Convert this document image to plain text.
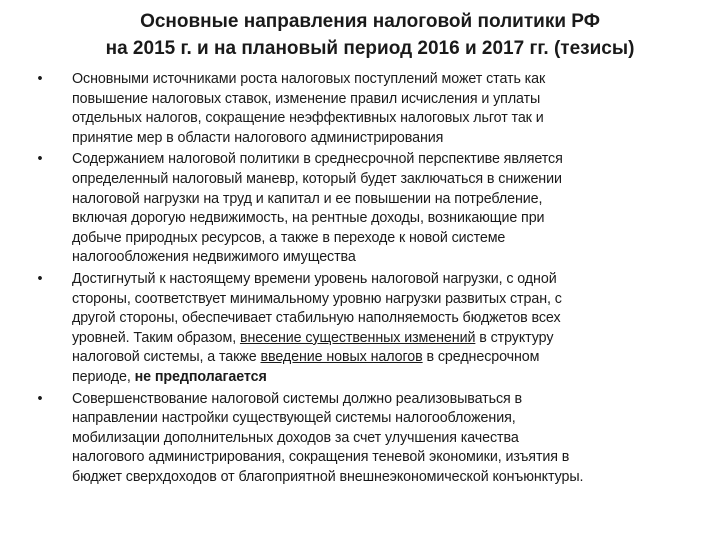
Основные направления налоговой политики РФ
на 2015 г. и на плановый период 2016 и 2017 гг. (тезисы)
• Основными источниками роста налоговых поступлений может стать как
повышение налоговых ставок, изменение правил исчисления и уплаты
отдельных налогов, сокращение неэффективных налоговых льгот так и
принятие мер в области налогового администрирования
• Содержанием налоговой политики в среднесрочной перспективе является
определенный налоговый маневр, который будет заключаться в снижении
налоговой нагрузки на труд и капитал и ее повышении на потребление,
включая дорогую недвижимость, на рентные доходы, возникающие при
добыче природных ресурсов, а также в переходе к новой системе
налогообложения недвижимого имущества
• Достигнутый к настоящему времени уровень налоговой нагрузки, с одной
стороны, соответствует минимальному уровню нагрузки развитых стран, с
другой стороны, обеспечивает стабильную наполняемость бюджетов всех
уровней. Таким образом, внесение существенных изменений в структуру
налоговой системы, а также введение новых налогов в среднесрочном
периоде, не предполагается
• Совершенствование налоговой системы должно реализовываться в
направлении настройки существующей системы налогообложения,
мобилизации дополнительных доходов за счет улучшения качества
налогового администрирования, сокращения теневой экономики, изъятия в
бюджет сверхдоходов от благоприятной внешнеэкономической конъюнктуры.
